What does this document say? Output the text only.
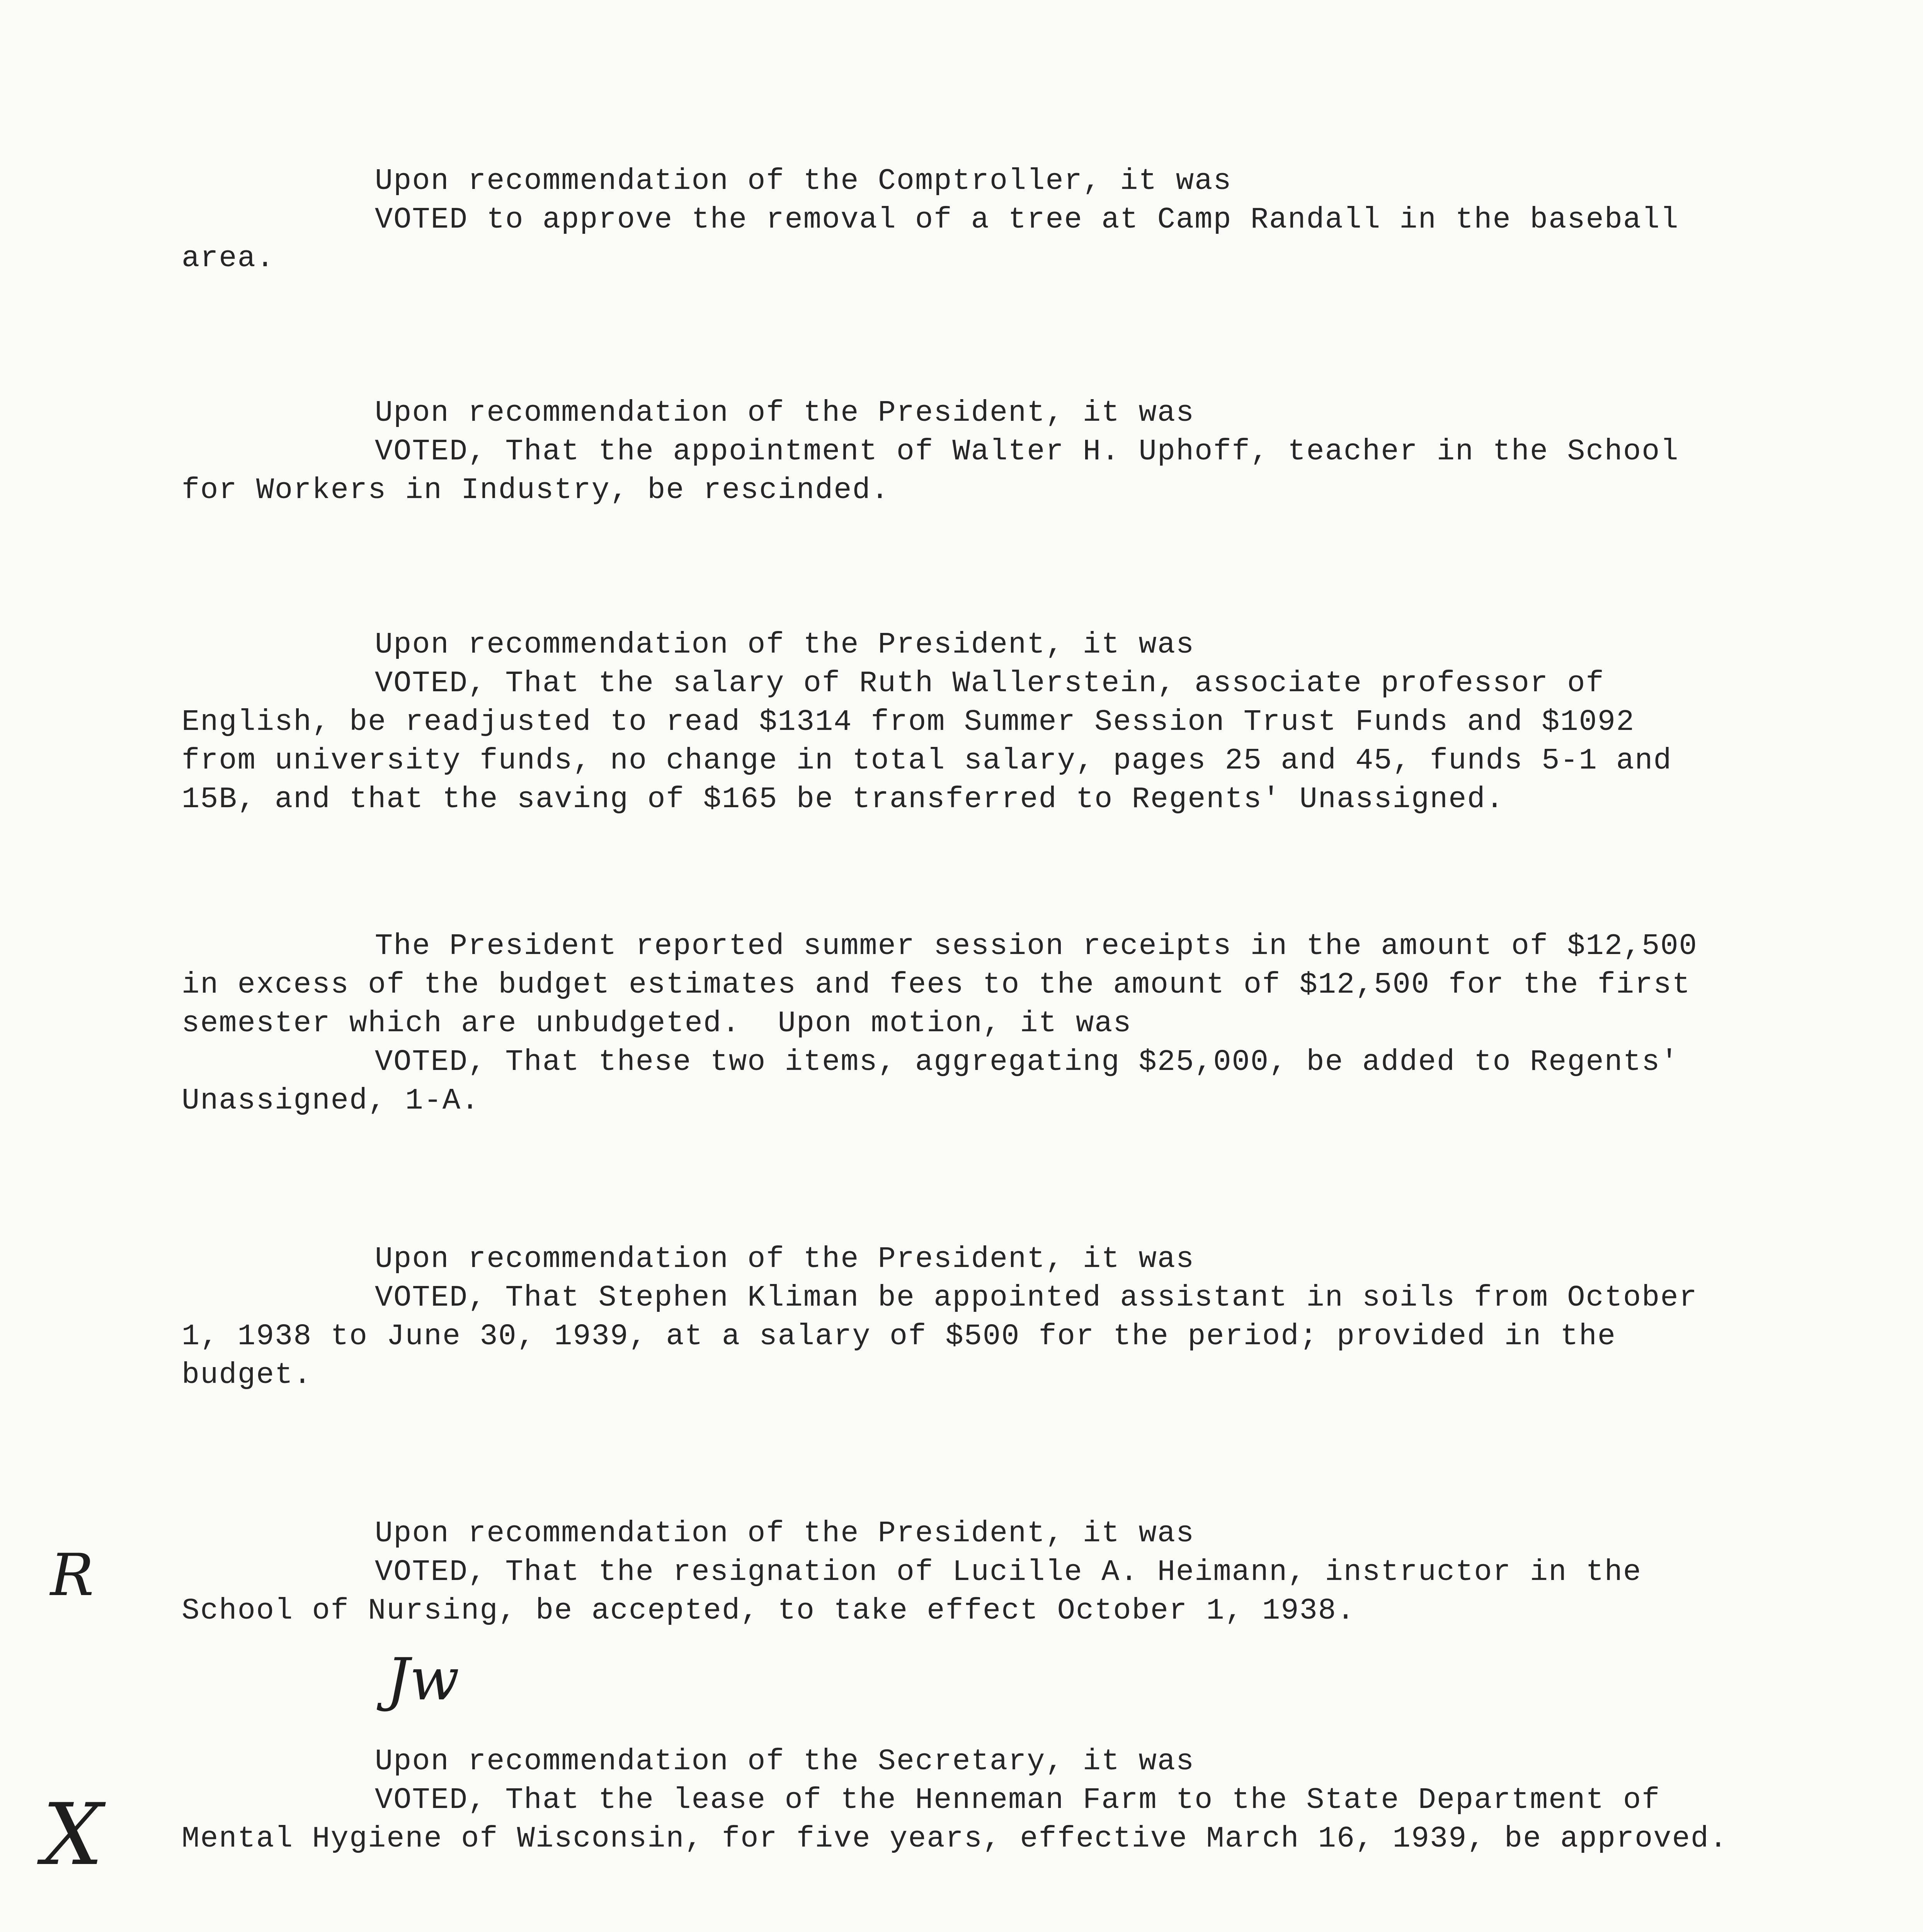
Upon recommendation of the Comptroller, it was
VOTED to approve the removal of a tree at Camp Randall in the baseball
area.
Upon recommendation of the President, it was
VOTED, That the appointment of Walter H. Uphoff, teacher in the School
for Workers in Industry, be rescinded.
Upon recommendation of the President, it was
VOTED, That the salary of Ruth Wallerstein, associate professor of
English, be readjusted to read $1314 from Summer Session Trust Funds and $1092
from university funds, no change in total salary, pages 25 and 45, funds 5-1 and
15B, and that the saving of $165 be transferred to Regents' Unassigned.
The President reported summer session receipts in the amount of $12,500
in excess of the budget estimates and fees to the amount of $12,500 for the first
semester which are unbudgeted.  Upon motion, it was
VOTED, That these two items, aggregating $25,000, be added to Regents'
Unassigned, 1-A.
Upon recommendation of the President, it was
VOTED, That Stephen Kliman be appointed assistant in soils from October
1, 1938 to June 30, 1939, at a salary of $500 for the period; provided in the
budget.
Upon recommendation of the President, it was
VOTED, That the resignation of Lucille A. Heimann, instructor in the
School of Nursing, be accepted, to take effect October 1, 1938.
Upon recommendation of the Secretary, it was
VOTED, That the lease of the Henneman Farm to the State Department of
Mental Hygiene of Wisconsin, for five years, effective March 16, 1939, be approved.
R
Jw
X
